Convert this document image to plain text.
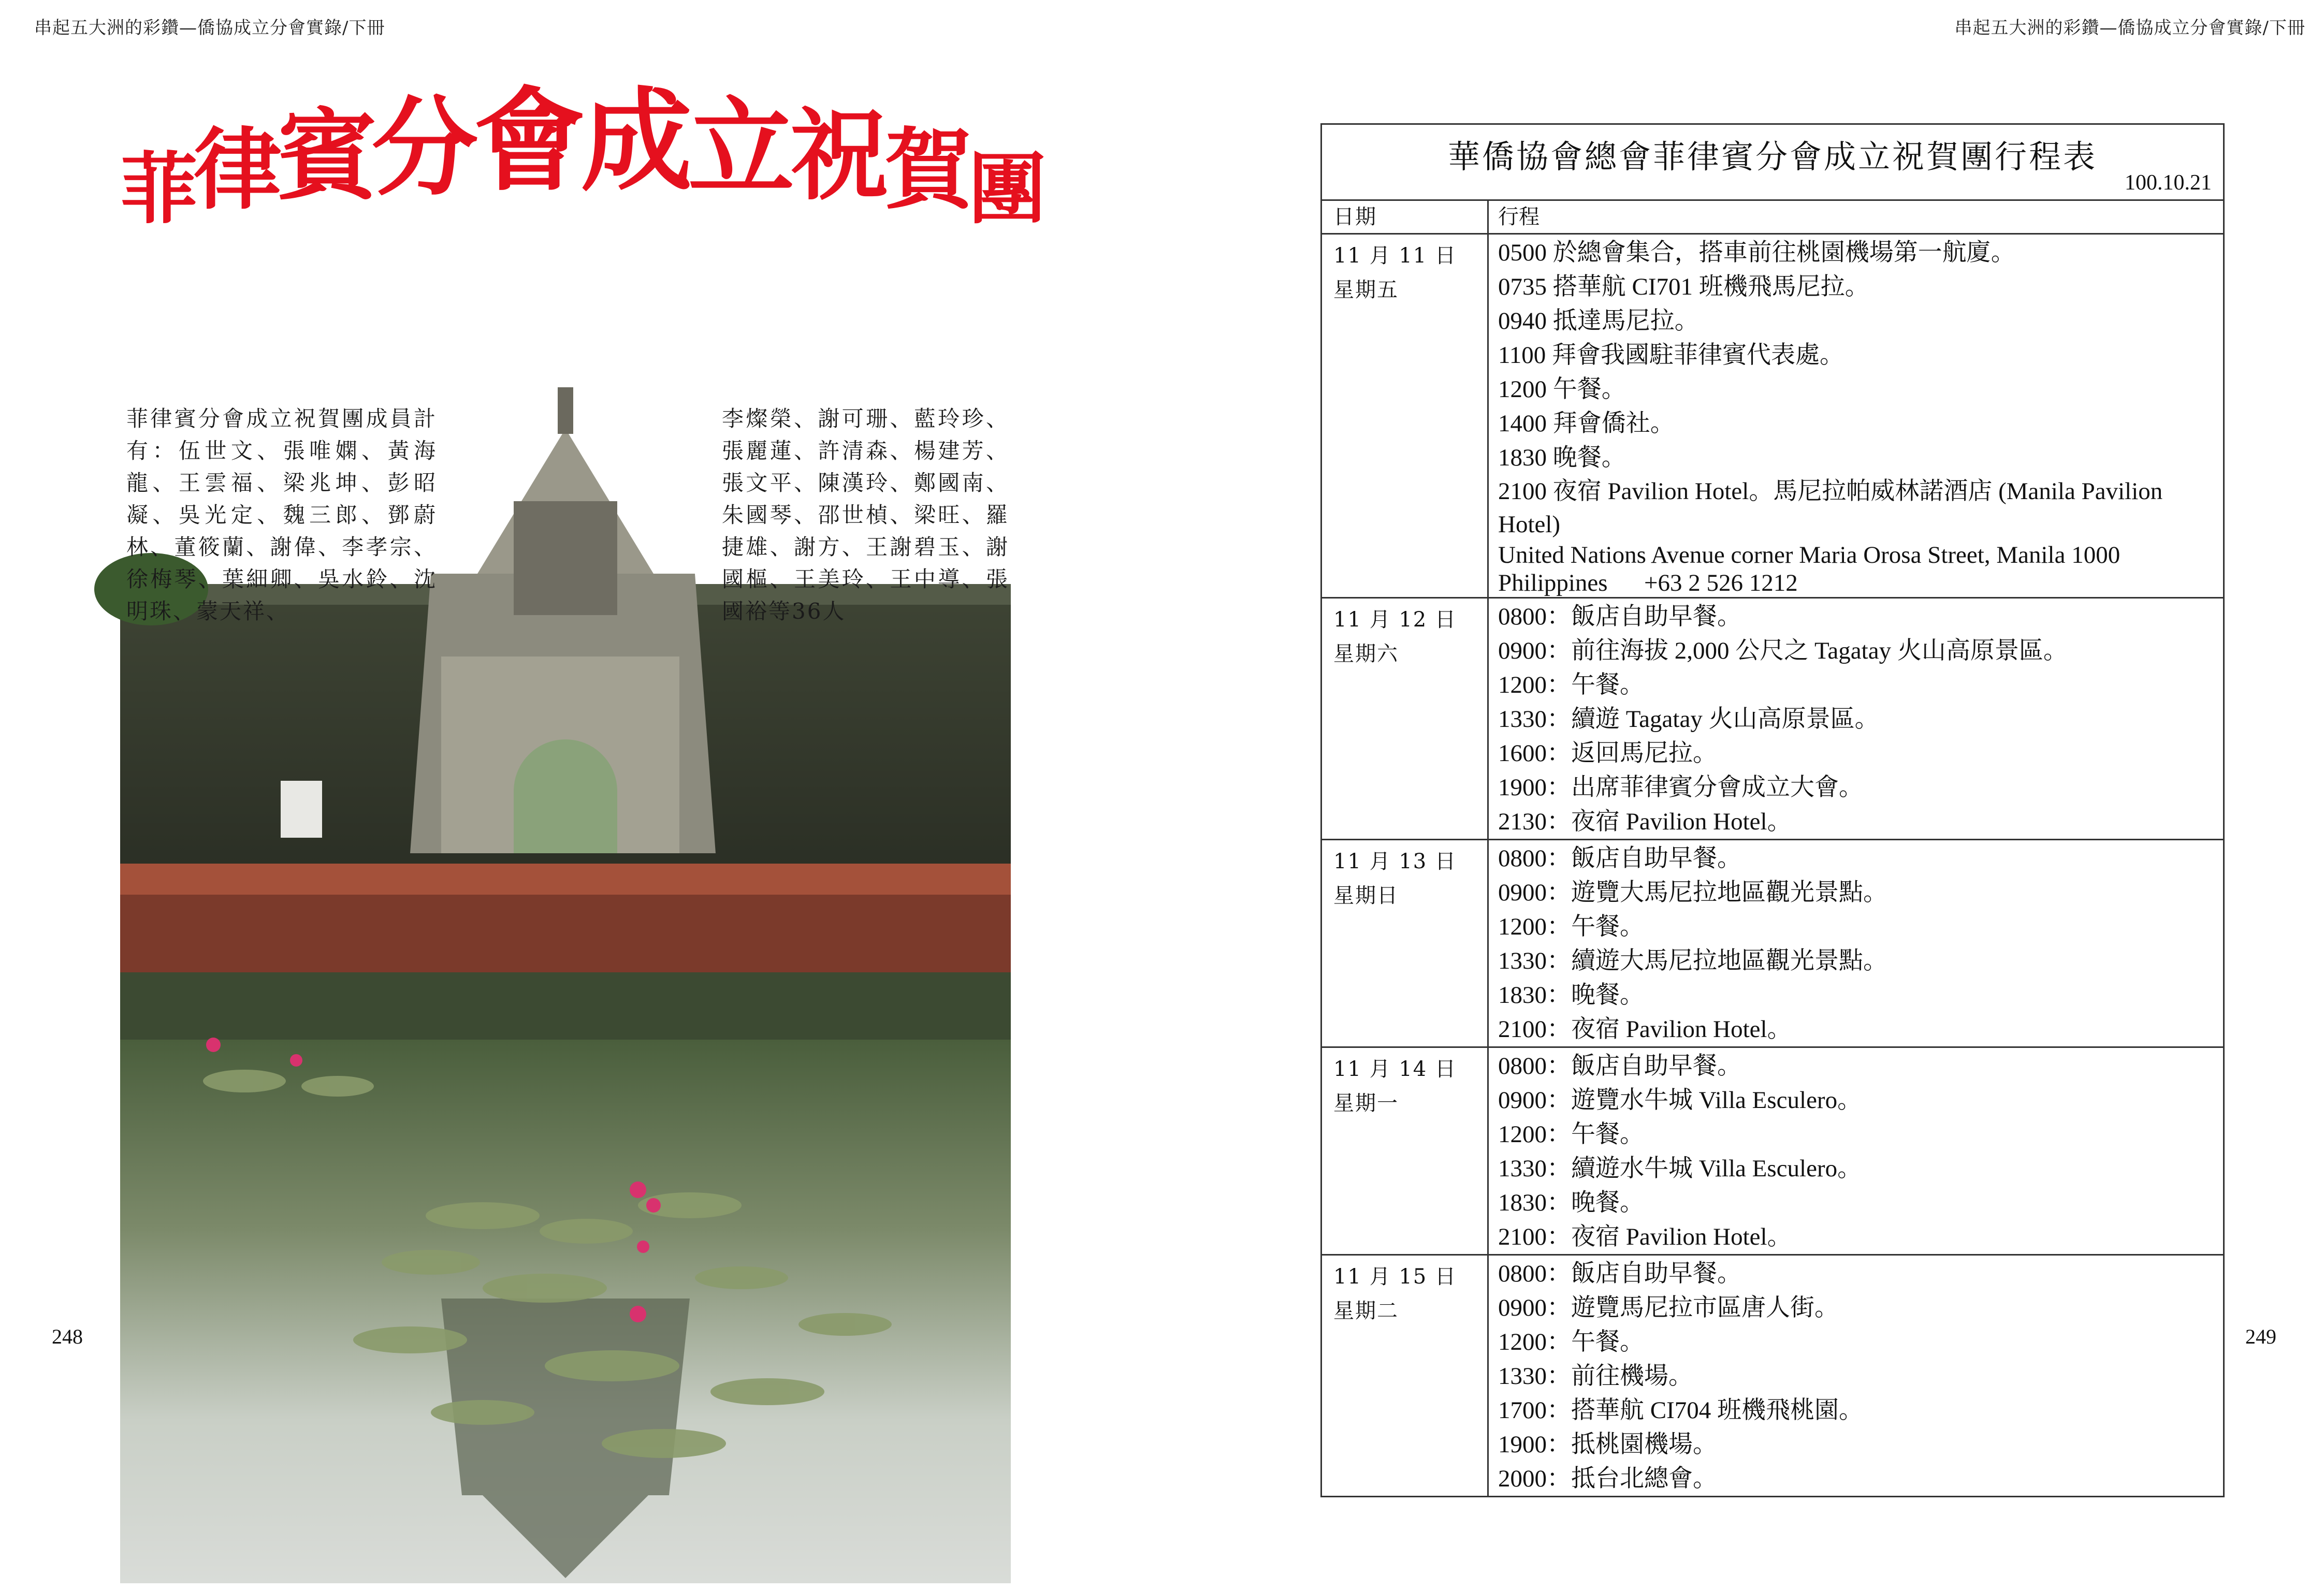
串起五大洲的彩鑽—僑協成立分會實錄/下冊	串起五大洲的彩鑽—僑協成立分會實錄/下冊
248	249
菲律賓分會成立祝賀團
菲律賓分會成立祝賀團成員計有：伍世文、張唯嫻、黃海龍、王雲福、梁兆坤、彭昭凝、吳光定、魏三郎、鄧蔚林、董筱蘭、謝偉、李孝宗、徐梅琴、葉細卿、吳水鈴、沈明珠、蒙天祥、
李燦榮、謝可珊、藍玲珍、張麗蓮、許清森、楊建芳、張文平、陳漢玲、鄭國南、朱國琴、邵世楨、梁旺、羅捷雄、謝方、王謝碧玉、謝國樞、王美玲、王中導、張國裕等36人
華僑協會總會菲律賓分會成立祝賀團行程表
100.10.21
日期	行程
11 月 11 日
星期五
0500 於總會集合，搭車前往桃園機場第一航廈。
0735 搭華航 CI701 班機飛馬尼拉。
0940 抵達馬尼拉。
1100 拜會我國駐菲律賓代表處。
1200 午餐。
1400 拜會僑社。
1830 晚餐。
2100 夜宿 Pavilion Hotel。馬尼拉帕威林諾酒店 (Manila Pavilion Hotel)
United Nations Avenue corner Maria Orosa Street, Manila 1000
Philippines      +63 2 526 1212
11 月 12 日
星期六
0800：飯店自助早餐。
0900：前往海拔 2,000 公尺之 Tagatay 火山高原景區。
1200：午餐。
1330：續遊 Tagatay 火山高原景區。
1600：返回馬尼拉。
1900：出席菲律賓分會成立大會。
2130：夜宿 Pavilion Hotel。
11 月 13 日
星期日
0800：飯店自助早餐。
0900：遊覽大馬尼拉地區觀光景點。
1200：午餐。
1330：續遊大馬尼拉地區觀光景點。
1830：晚餐。
2100：夜宿 Pavilion Hotel。
11 月 14 日
星期一
0800：飯店自助早餐。
0900：遊覽水牛城 Villa Esculero。
1200：午餐。
1330：續遊水牛城 Villa Esculero。
1830：晚餐。
2100：夜宿 Pavilion Hotel。
11 月 15 日
星期二
0800：飯店自助早餐。
0900：遊覽馬尼拉市區唐人街。
1200：午餐。
1330：前往機場。
1700：搭華航 CI704 班機飛桃園。
1900：抵桃園機場。
2000：抵台北總會。
